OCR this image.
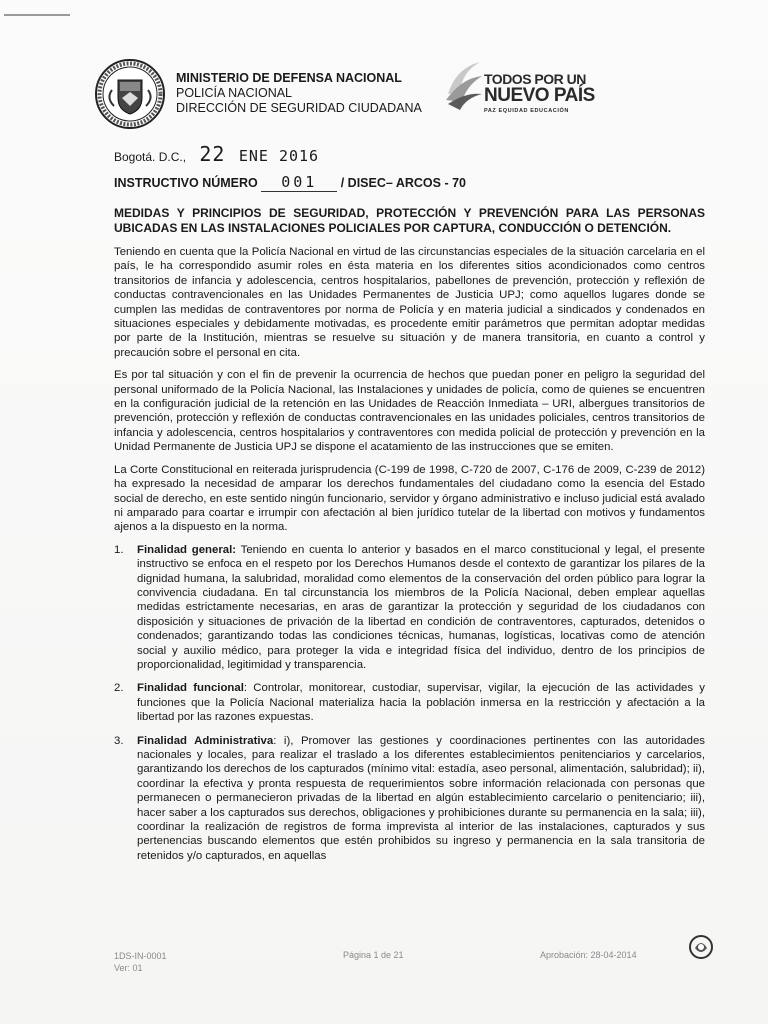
MINISTERIO DE DEFENSA NACIONAL
POLICÍA NACIONAL
DIRECCIÓN DE SEGURIDAD CIUDADANA
TODOS POR UN
NUEVO PAÍS
PAZ EQUIDAD EDUCACIÓN
Bogotá. D.C., 22 ENE 2016
INSTRUCTIVO NÚMERO 001 / DISEC– ARCOS - 70

MEDIDAS Y PRINCIPIOS DE SEGURIDAD, PROTECCIÓN Y PREVENCIÓN PARA LAS PERSONAS UBICADAS EN LAS INSTALACIONES POLICIALES POR CAPTURA, CONDUCCIÓN O DETENCIÓN.

Teniendo en cuenta que la Policía Nacional en virtud de las circunstancias especiales de la situación carcelaria en el país, le ha correspondido asumir roles en ésta materia en los diferentes sitios acondicionados como centros transitorios de infancia y adolescencia, centros hospitalarios, pabellones de prevención, protección y reflexión de conductas contravencionales en las Unidades Permanentes de Justicia UPJ; como aquellos lugares donde se cumplen las medidas de contraventores por norma de Policía y en materia judicial a sindicados y condenados en situaciones especiales y debidamente motivadas, es procedente emitir parámetros que permitan adoptar medidas por parte de la Institución, mientras se resuelve su situación y de manera transitoria, en cuanto a control y precaución sobre el personal en cita.

Es por tal situación y con el fin de prevenir la ocurrencia de hechos que puedan poner en peligro la seguridad del personal uniformado de la Policía Nacional, las Instalaciones y unidades de policía, como de quienes se encuentren en la configuración judicial de la retención en las Unidades de Reacción Inmediata – URI, albergues transitorios de prevención, protección y reflexión de conductas contravencionales en las unidades policiales, centros transitorios de infancia y adolescencia, centros hospitalarios y contraventores con medida policial de protección y prevención en la Unidad Permanente de Justicia UPJ se dispone el acatamiento de las instrucciones que se emiten.

La Corte Constitucional en reiterada jurisprudencia (C-199 de 1998, C-720 de 2007, C-176 de 2009, C-239 de 2012) ha expresado la necesidad de amparar los derechos fundamentales del ciudadano como la esencia del Estado social de derecho, en este sentido ningún funcionario, servidor y órgano administrativo e incluso judicial está avalado ni amparado para coartar e irrumpir con afectación al bien jurídico tutelar de la libertad con motivos y fundamentos ajenos a la dispuesto en la norma.

1.	Finalidad general: Teniendo en cuenta lo anterior y basados en el marco constitucional y legal, el presente instructivo se enfoca en el respeto por los Derechos Humanos desde el contexto de garantizar los pilares de la dignidad humana, la salubridad, moralidad como elementos de la conservación del orden público para lograr la convivencia ciudadana. En tal circunstancia los miembros de la Policía Nacional, deben emplear aquellas medidas estrictamente necesarias, en aras de garantizar la protección y seguridad de los ciudadanos con disposición y situaciones de privación de la libertad en condición de contraventores, capturados, detenidos o condenados; garantizando todas las condiciones técnicas, humanas, logísticas, locativas como de atención social y auxilio médico, para proteger la vida e integridad física del individuo, dentro de los principios de proporcionalidad, legitimidad y transparencia.
2.	Finalidad funcional: Controlar, monitorear, custodiar, supervisar, vigilar, la ejecución de las actividades y funciones que la Policía Nacional materializa hacia la población inmersa en la restricción y afectación a la libertad por las razones expuestas.
3.	Finalidad Administrativa: i), Promover las gestiones y coordinaciones pertinentes con las autoridades nacionales y locales, para realizar el traslado a los diferentes establecimientos penitenciarios y carcelarios, garantizando los derechos de los capturados (mínimo vital: estadía, aseo personal, alimentación, salubridad); ii), coordinar la efectiva y pronta respuesta de requerimientos sobre información relacionada con personas que permanecen o permanecieron privadas de la libertad en algún establecimiento carcelario o penitenciario; iii), hacer saber a los capturados sus derechos, obligaciones y prohibiciones durante su permanencia en la sala; iii), coordinar la realización de registros de forma imprevista al interior de las instalaciones, capturados y sus pertenencias buscando elementos que estén prohibidos su ingreso y permanencia en la sala transitoria de retenidos y/o capturados, en aquellas
1DS-IN-0001
Ver: 01
Página 1 de 21	Aprobación: 28-04-2014
